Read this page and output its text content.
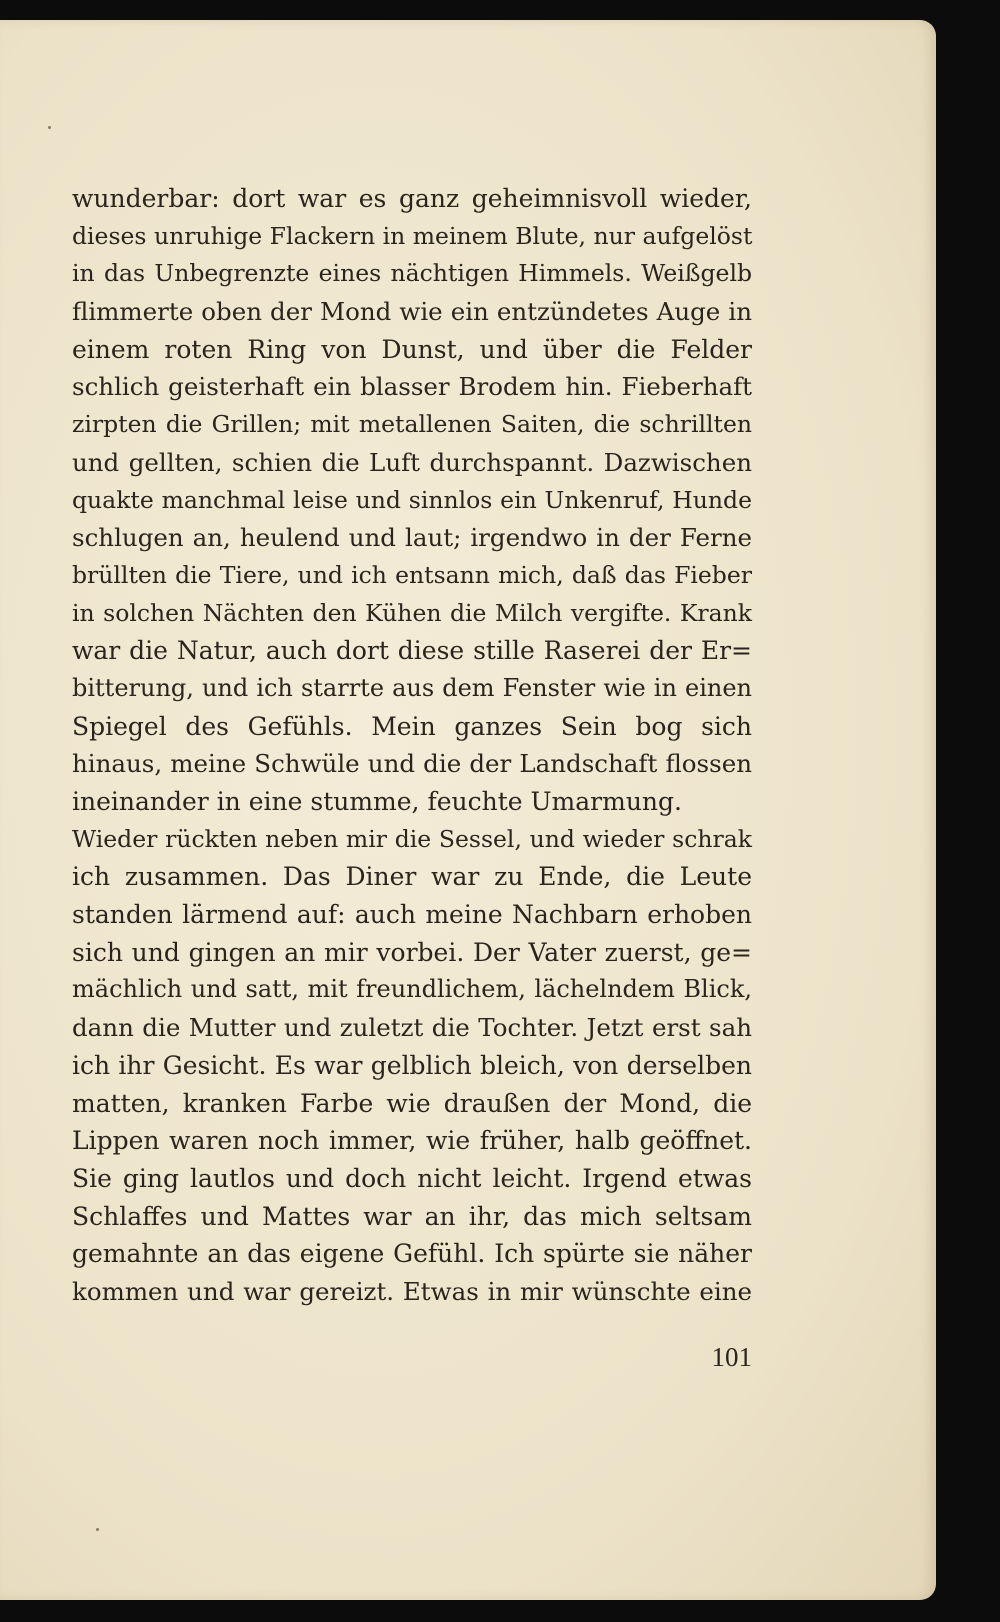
wunderbar: dort war es ganz geheimnisvoll wieder,
dieses unruhige Flackern in meinem Blute, nur aufgelöst
in das Unbegrenzte eines nächtigen Himmels. Weißgelb
flimmerte oben der Mond wie ein entzündetes Auge in
einem roten Ring von Dunst, und über die Felder
schlich geisterhaft ein blasser Brodem hin. Fieberhaft
zirpten die Grillen; mit metallenen Saiten, die schrillten
und gellten, schien die Luft durchspannt. Dazwischen
quakte manchmal leise und sinnlos ein Unkenruf, Hunde
schlugen an, heulend und laut; irgendwo in der Ferne
brüllten die Tiere, und ich entsann mich, daß das Fieber
in solchen Nächten den Kühen die Milch vergifte. Krank
war die Natur, auch dort diese stille Raserei der Er=
bitterung, und ich starrte aus dem Fenster wie in einen
Spiegel des Gefühls. Mein ganzes Sein bog sich
hinaus, meine Schwüle und die der Landschaft flossen
ineinander in eine stumme, feuchte Umarmung.
Wieder rückten neben mir die Sessel, und wieder schrak
ich zusammen. Das Diner war zu Ende, die Leute
standen lärmend auf: auch meine Nachbarn erhoben
sich und gingen an mir vorbei. Der Vater zuerst, ge=
mächlich und satt, mit freundlichem, lächelndem Blick,
dann die Mutter und zuletzt die Tochter. Jetzt erst sah
ich ihr Gesicht. Es war gelblich bleich, von derselben
matten, kranken Farbe wie draußen der Mond, die
Lippen waren noch immer, wie früher, halb geöffnet.
Sie ging lautlos und doch nicht leicht. Irgend etwas
Schlaffes und Mattes war an ihr, das mich seltsam
gemahnte an das eigene Gefühl. Ich spürte sie näher
kommen und war gereizt. Etwas in mir wünschte eine
101
